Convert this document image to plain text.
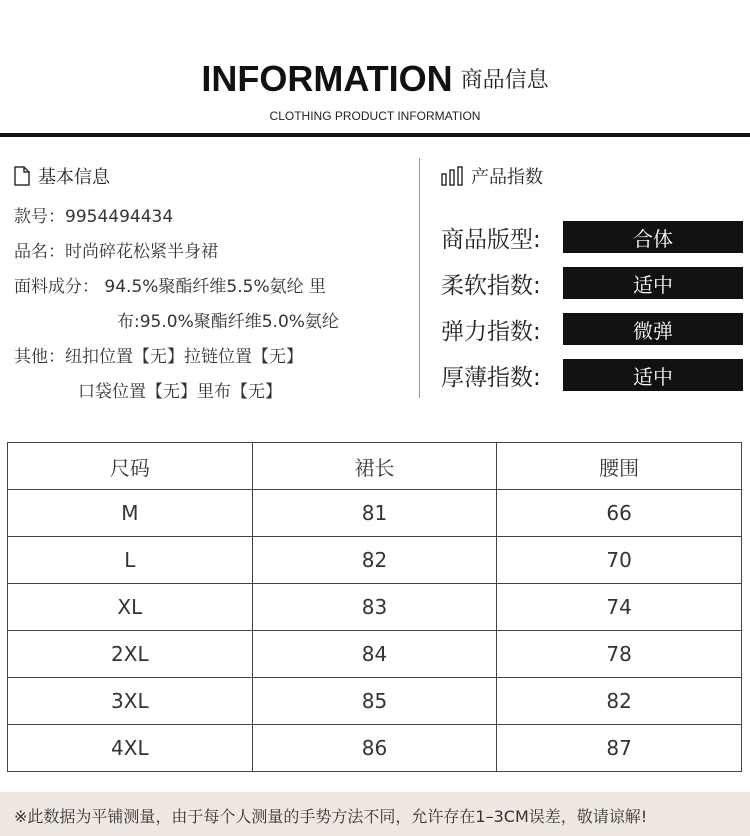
INFORMATION 商品信息
CLOTHING PRODUCT INFORMATION
基本信息
款号：9954494434
品名：时尚碎花松紧半身裙
面料成分： 94.5%聚酯纤维5.5%氨纶 里
布:95.0%聚酯纤维5.0%氨纶
其他：纽扣位置【无】拉链位置【无】
口袋位置【无】里布【无】
产品指数
商品版型:	合体
柔软指数:	适中
弹力指数:	微弹
厚薄指数:	适中
尺码	裙长	腰围
M	81	66
L	82	70
XL	83	74
2XL	84	78
3XL	85	82
4XL	86	87
※此数据为平铺测量，由于每个人测量的手势方法不同，允许存在1–3CM误差，敬请谅解!
